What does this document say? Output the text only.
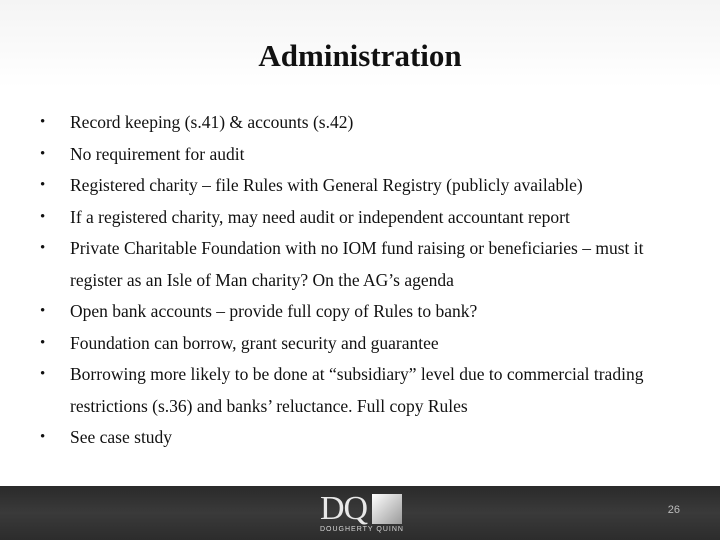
Administration
• Record keeping (s.41) & accounts (s.42)
• No requirement for audit
• Registered charity – file Rules with General Registry (publicly available)
• If a registered charity, may need audit or independent accountant report
• Private Charitable Foundation with no IOM fund raising or beneficiaries – must it register as an Isle of Man charity? On the AG’s agenda
• Open bank accounts – provide full copy of Rules to bank?
• Foundation can borrow, grant security and guarantee
• Borrowing more likely to be done at “subsidiary” level due to commercial trading restrictions (s.36) and banks’ reluctance. Full copy Rules
• See case study
DQ
DOUGHERTY QUINN
26
